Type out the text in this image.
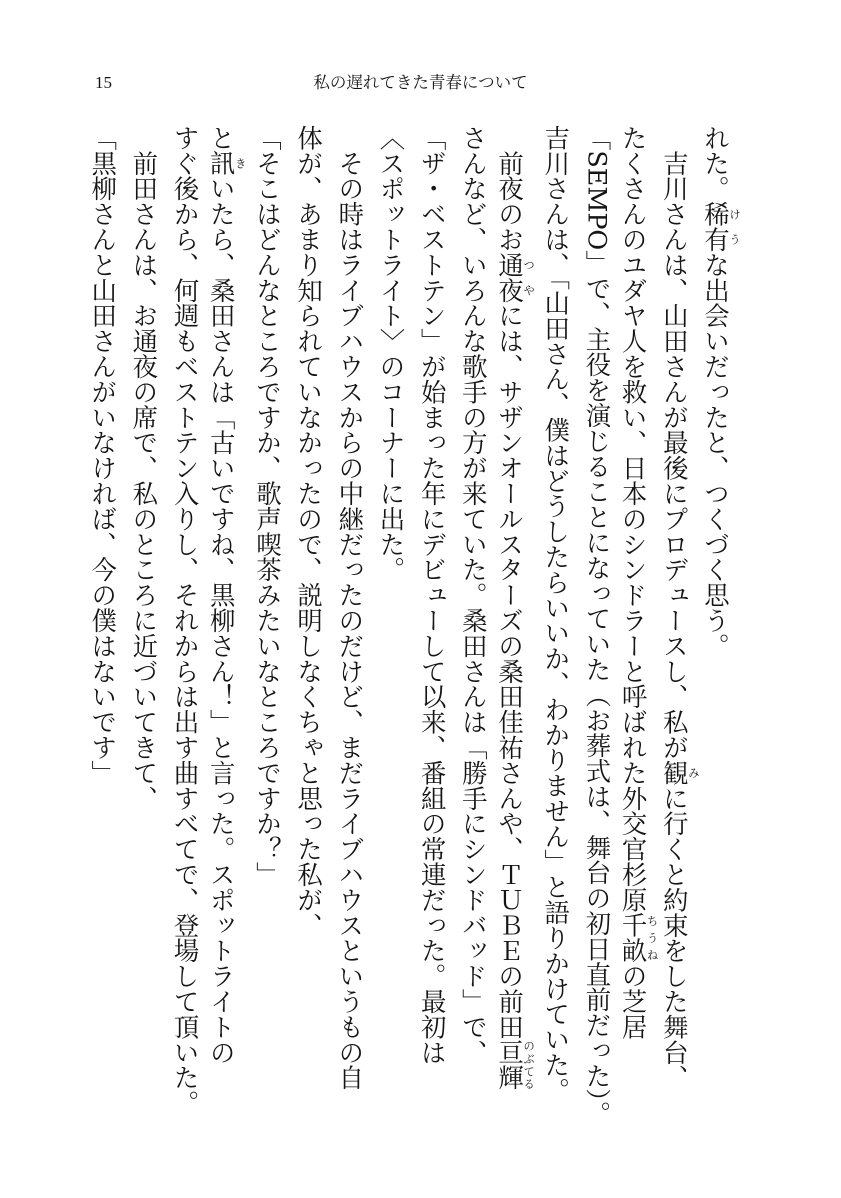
15	私の遅れてきた青春について
れた。稀有けうな出会いだったと、つくづく思う。
　吉川さんは、山田さんが最後にプロデュースし、私が観みに行くと約束をした舞台、
たくさんのユダヤ人を救い、日本のシンドラーと呼ばれた外交官杉原千畝ちうねの芝居
「SEMPO」で、主役を演じることになっていた（お葬式は、舞台の初日直前だった）。
吉川さんは、「山田さん、僕はどうしたらいいか、わかりません」と語りかけていた。
　前夜のお通夜つやには、サザンオールスターズの桑田佳祐さんや、ＴＵＢＥの前田亘輝のぶてる
さんなど、いろんな歌手の方が来ていた。桑田さんは「勝手にシンドバッド」で、
「ザ・ベストテン」が始まった年にデビューして以来、番組の常連だった。最初は
〈スポットライト〉のコーナーに出た。
　その時はライブハウスからの中継だったのだけど、まだライブハウスというもの自
体が、あまり知られていなかったので、説明しなくちゃと思った私が、
「そこはどんなところですか、歌声喫茶みたいなところですか？」
と訊きいたら、桑田さんは「古いですね、黒柳さん！」と言った。スポットライトの
すぐ後から、何週もベストテン入りし、それからは出す曲すべてで、登場して頂いた。
　前田さんは、お通夜の席で、私のところに近づいてきて、
「黒柳さんと山田さんがいなければ、今の僕はないです」
